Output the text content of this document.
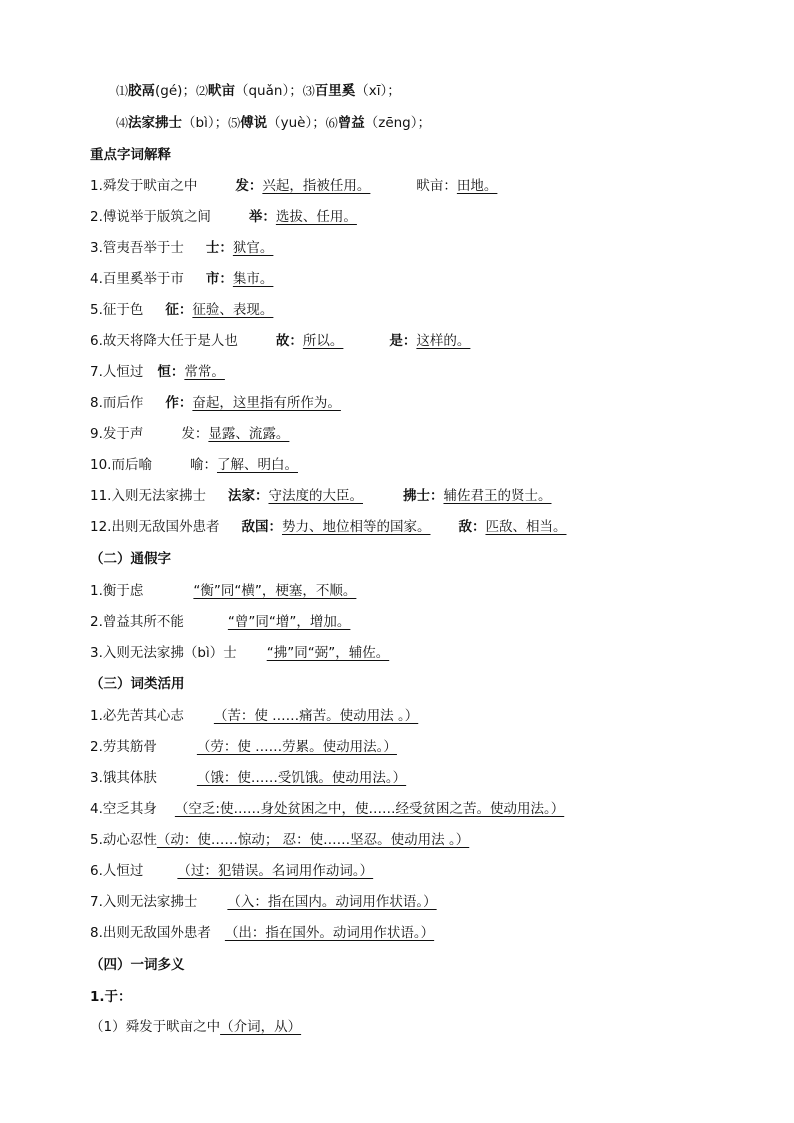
⑴胶鬲(gé)；⑵畎亩（quǎn）；⑶百里奚（xī）；
⑷法家拂士（bì）；⑸傅说（yuè）；⑹曾益（zēng）；
重点字词解释
1.舜发于畎亩之中	发：兴起，指被任用。	畎亩：田地。
2.傅说举于版筑之间	举：选拔、任用。
3.管夷吾举于士 士：狱官。
4.百里奚举于市 市：集市。
5.征于色 征：征验、表现。
6.故天将降大任于是人也	故：所以。	是：这样的。
7.人恒过 恒：常常。
8.而后作 作：奋起，这里指有所作为。
9.发于声	发：显露、流露。
10.而后喻	喻：了解、明白。
11.入则无法家拂士 法家：守法度的大臣。	拂士：辅佐君王的贤士。
12.出则无敌国外患者 敌国：势力、地位相等的国家。 敌：匹敌、相当。
（二）通假字
1.衡于虑	“衡”同“横”，梗塞，不顺。
2.曾益其所不能	“曾”同“增”，增加。
3.入则无法家拂（bì）士 “拂”同“弼”，辅佐。
（三）词类活用
1.必先苦其心志 （苦：使 ……痛苦。使动用法 。）
2.劳其筋骨	（劳：使 ……劳累。使动用法。）
3.饿其体肤	（饿：使……受饥饿。使动用法。）
4.空乏其身 （空乏:使……身处贫困之中，使……经受贫困之苦。使动用法。）
5.动心忍性（动：使……惊动； 忍：使……坚忍。使动用法 。）
6.人恒过	（过：犯错误。名词用作动词。）
7.入则无法家拂士 （入：指在国内。动词用作状语。）
8.出则无敌国外患者 （出：指在国外。动词用作状语。）
（四）一词多义
1.于：
（1）舜发于畎亩之中（介词，从）
